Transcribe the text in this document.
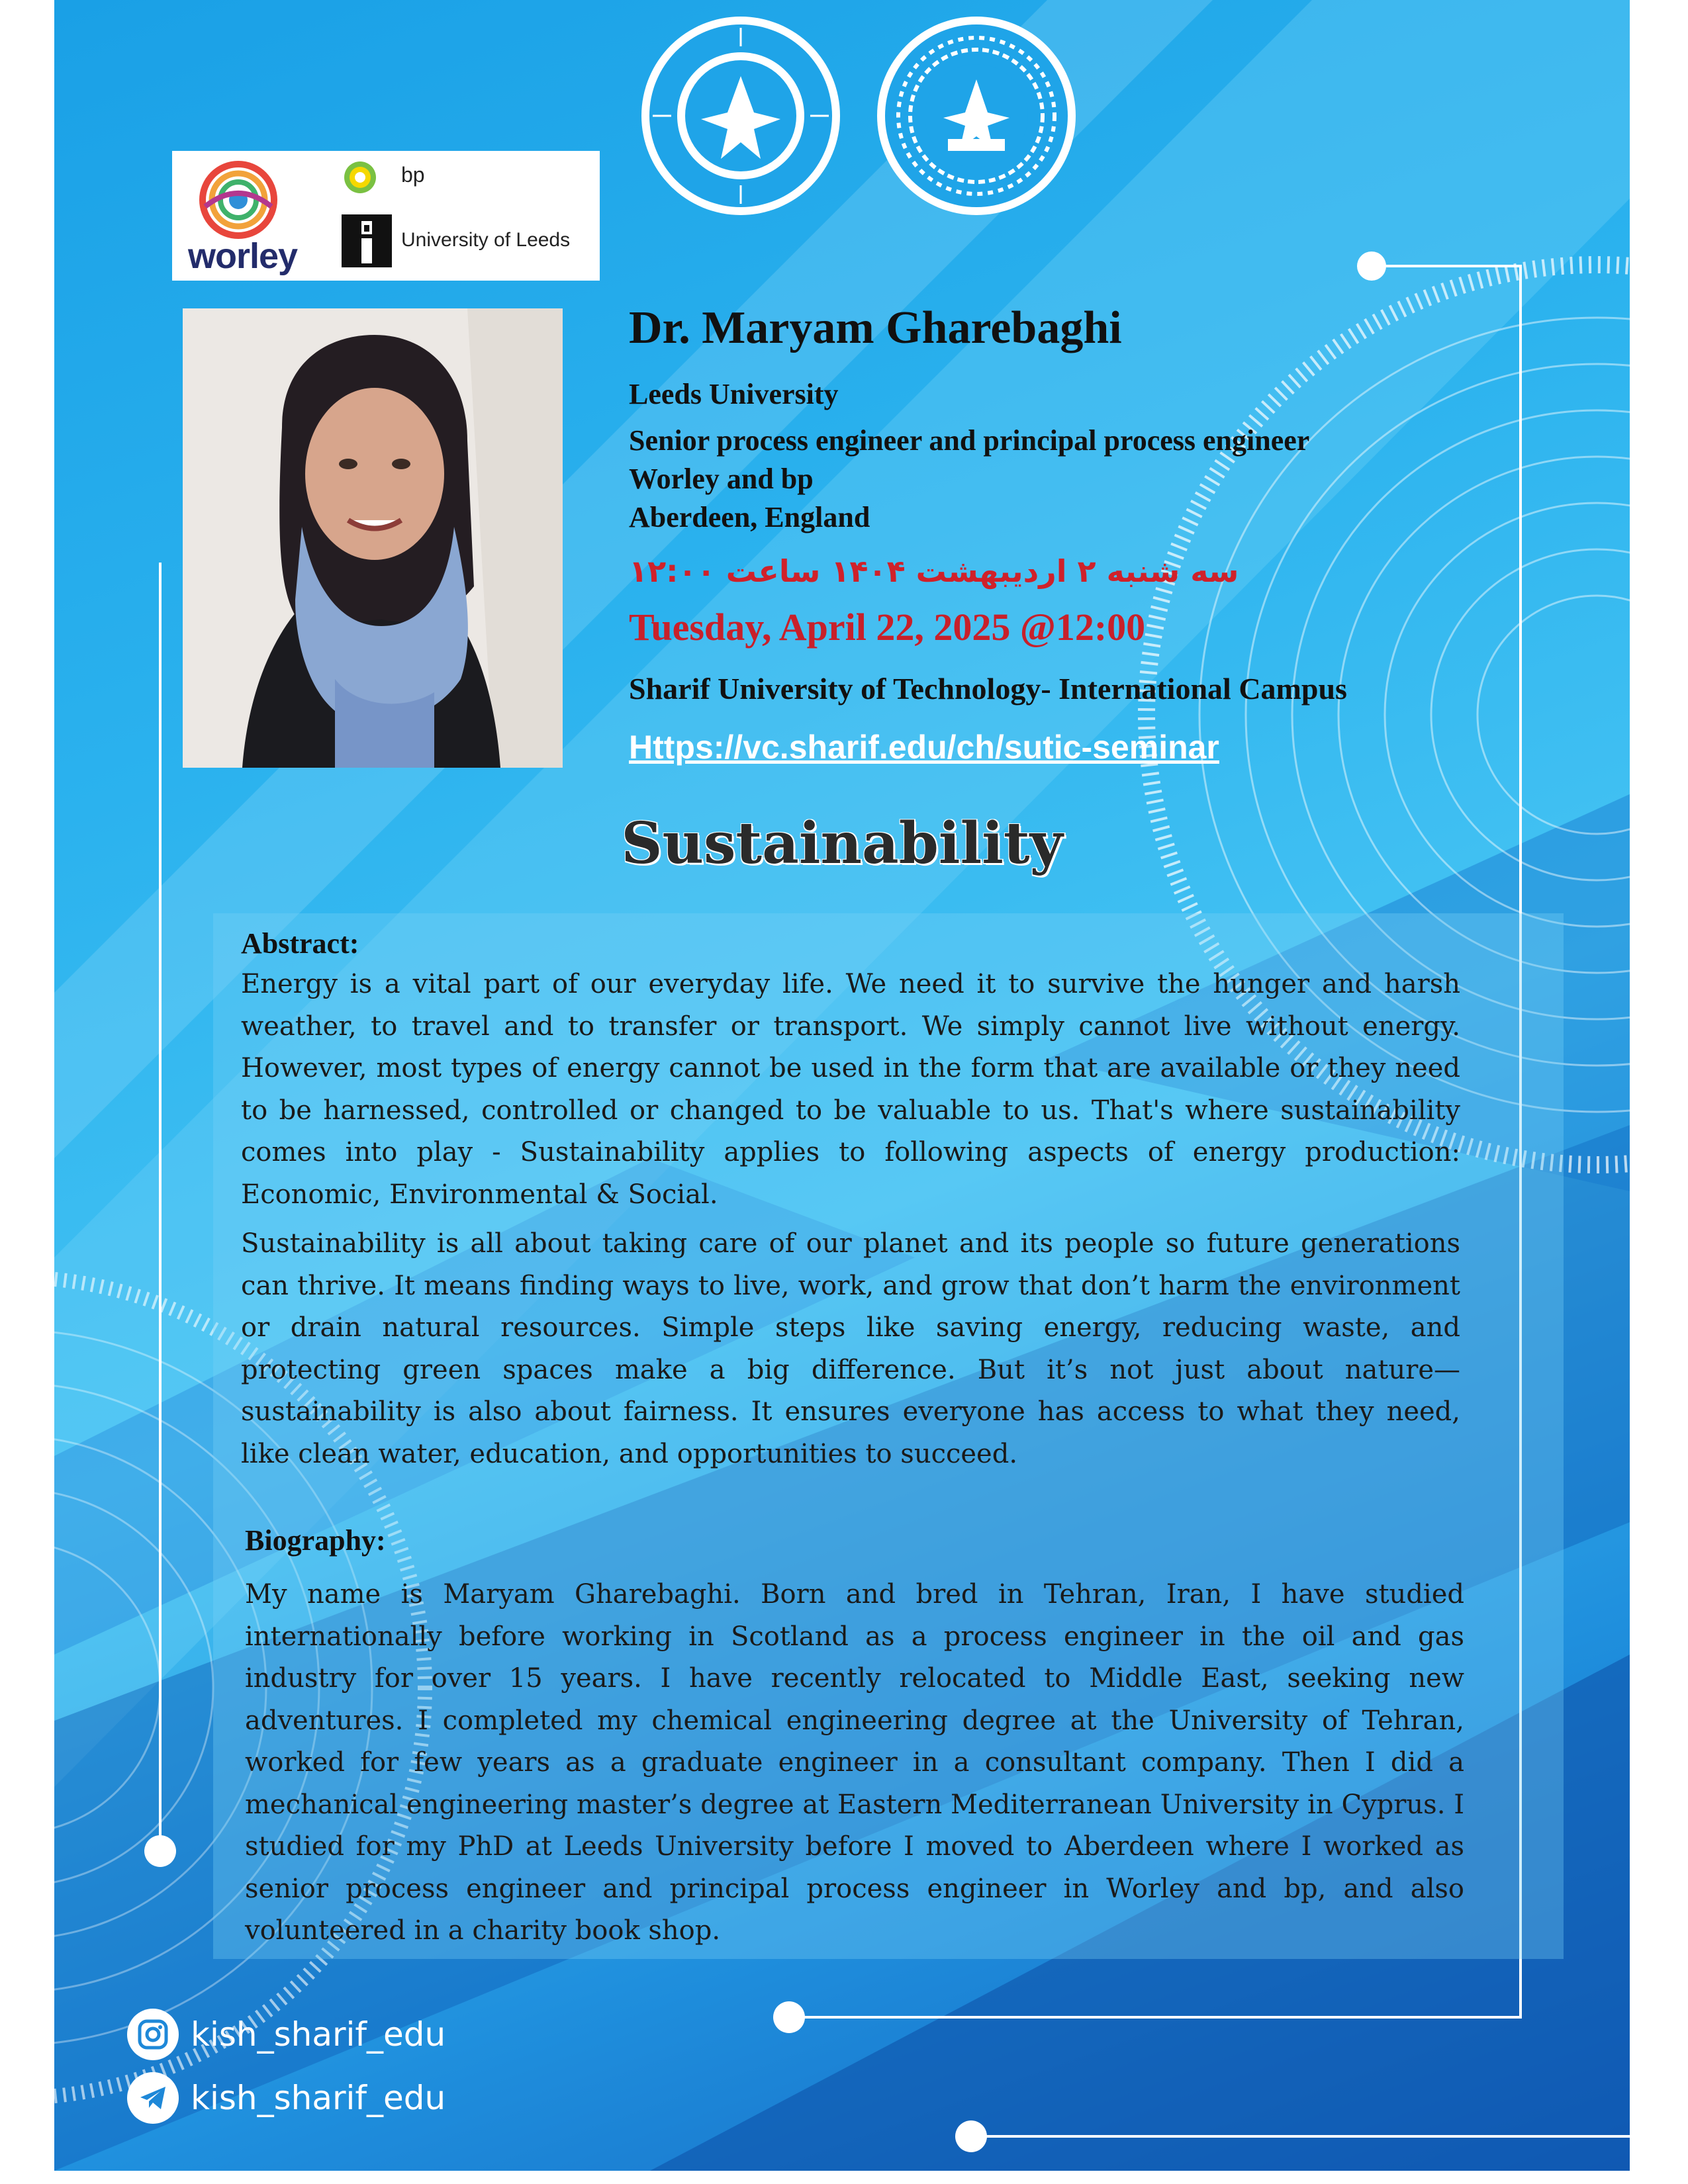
worley
bp
University of Leeds
Dr. Maryam Gharebaghi
Leeds University
Senior process engineer and principal process engineer
Worley and bp
Aberdeen, England
سه شنبه ۲ اردیبهشت ۱۴۰۴ ساعت ۱۲:۰۰
Tuesday, April 22, 2025 @12:00
Sharif University of Technology- International Campus
Https://vc.sharif.edu/ch/sutic-seminar
Sustainability
Abstract:
Energy is a vital part of our everyday life. We need it to survive the hunger and harsh weather, to travel and to transfer or transport. We simply cannot live without energy. However, most types of energy cannot be used in the form that are available or they need to be harnessed, controlled or changed to be valuable to us. That's where sustainability comes into play - Sustainability applies to following aspects of energy production: Economic, Environmental & Social.
Sustainability is all about taking care of our planet and its people so future generations can thrive. It means finding ways to live, work, and grow that don’t harm the environment or drain natural resources. Simple steps like saving energy, reducing waste, and protecting green spaces make a big difference. But it’s not just about nature—sustainability is also about fairness. It ensures everyone has access to what they need, like clean water, education, and opportunities to succeed.
Biography:
My name is Maryam Gharebaghi. Born and bred in Tehran, Iran, I have studied internationally before working in Scotland as a process engineer in the oil and gas industry for over 15 years. I have recently relocated to Middle East, seeking new adventures. I completed my chemical engineering degree at the University of Tehran, worked for few years as a graduate engineer in a consultant company. Then I did a mechanical engineering master’s degree at Eastern Mediterranean University in Cyprus. I studied for my PhD at Leeds University before I moved to Aberdeen where I worked as senior process engineer and principal process engineer in Worley and bp, and also volunteered in a charity book shop.
kish_sharif_edu
kish_sharif_edu
